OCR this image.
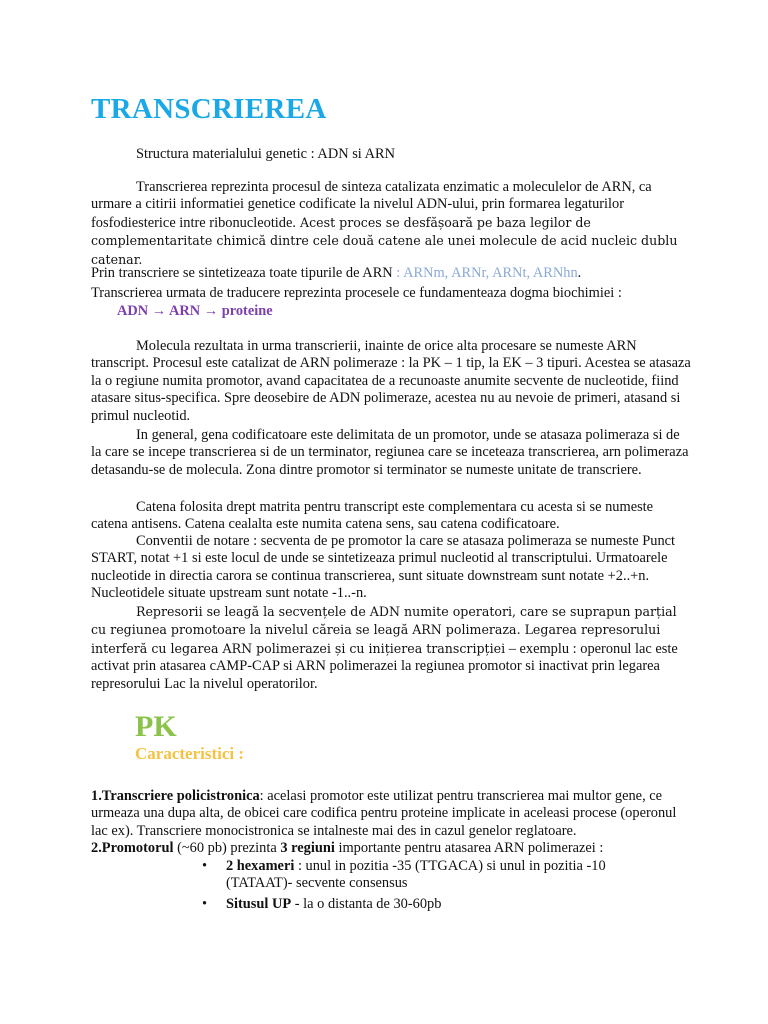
TRANSCRIEREA
Structura materialului genetic : ADN si ARN
Transcrierea reprezinta procesul de sinteza catalizata enzimatic a moleculelor de ARN, ca urmare a citirii informatiei genetice codificate la nivelul ADN-ului, prin formarea legaturilor fosfodiesterice intre ribonucleotide. Acest proces se desfășoară pe baza legilor de complementaritate chimică dintre cele două catene ale unei molecule de acid nucleic dublu catenar.
Prin transcriere se sintetizeaza toate tipurile de ARN : ARNm, ARNr, ARNt, ARNhn.
Transcrierea urmata de traducere reprezinta procesele ce fundamenteaza dogma biochimiei :
ADN → ARN → proteine
Molecula rezultata in urma transcrierii, inainte de orice alta procesare se numeste ARN transcript. Procesul este catalizat de ARN polimeraze : la PK – 1 tip, la EK – 3 tipuri. Acestea se atasaza la o regiune numita promotor, avand capacitatea de a recunoaste anumite secvente de nucleotide, fiind atasare situs-specifica. Spre deosebire de ADN polimeraze, acestea nu au nevoie de primeri, atasand si primul nucleotid.
In general, gena codificatoare este delimitata de un promotor, unde se atasaza polimeraza si de la care se incepe transcrierea si de un terminator, regiunea care se inceteaza transcrierea, arn polimeraza detasandu-se de molecula. Zona dintre promotor si terminator se numeste unitate de transcriere.
Catena folosita drept matrita pentru transcript este complementara cu acesta si se numeste catena antisens. Catena cealalta este numita catena sens, sau catena codificatoare.
Conventii de notare : secventa de pe promotor la care se atasaza polimeraza se numeste Punct START, notat +1 si este locul de unde se sintetizeaza primul nucleotid al transcriptului. Urmatoarele nucleotide in directia carora se continua transcrierea, sunt situate downstream sunt notate +2..+n. Nucleotidele situate upstream sunt notate -1..-n.
Represorii se leagă la secvențele de ADN numite operatori, care se suprapun parțial cu regiunea promotoare la nivelul căreia se leagă ARN polimeraza. Legarea represorului interferă cu legarea ARN polimerazei și cu inițierea transcripției – exemplu : operonul lac este activat prin atasarea cAMP-CAP si ARN polimerazei la regiunea promotor si inactivat prin legarea represorului Lac la nivelul operatorilor.
PK
Caracteristici :
1.Transcriere policistronica: acelasi promotor este utilizat pentru transcrierea mai multor gene, ce urmeaza una dupa alta, de obicei care codifica pentru proteine implicate in aceleasi procese (operonul lac ex). Transcriere monocistronica se intalneste mai des in cazul genelor reglatoare.
2.Promotorul (~60 pb) prezinta 3 regiuni importante pentru atasarea ARN polimerazei :
• 2 hexameri : unul in pozitia -35 (TTGACA) si unul in pozitia -10 (TATAAT)- secvente consensus
• Situsul UP - la o distanta de 30-60pb
